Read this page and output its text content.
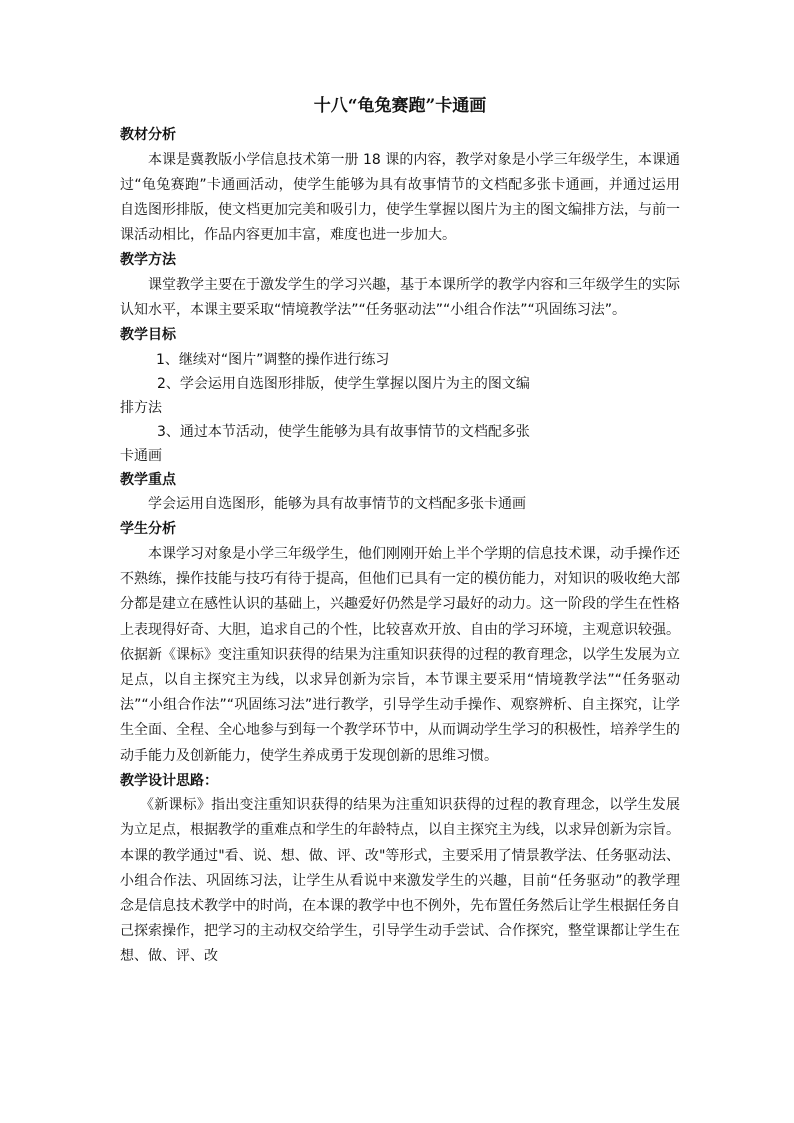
十八“龟兔赛跑”卡通画

教材分析

本课是冀教版小学信息技术第一册 18 课的内容，教学对象是小学三年级学生，本课通过“龟兔赛跑”卡通画活动，使学生能够为具有故事情节的文档配多张卡通画，并通过运用自选图形排版，使文档更加完美和吸引力，使学生掌握以图片为主的图文编排方法，与前一课活动相比，作品内容更加丰富，难度也进一步加大。

教学方法

课堂教学主要在于激发学生的学习兴趣，基于本课所学的教学内容和三年级学生的实际认知水平，本课主要采取“情境教学法”“任务驱动法”“小组合作法”“巩固练习法”。

教学目标

1、继续对“图片”调整的操作进行练习

2、学会运用自选图形排版，使学生掌握以图片为主的图文编

排方法

3、通过本节活动，使学生能够为具有故事情节的文档配多张

卡通画

教学重点

学会运用自选图形，能够为具有故事情节的文档配多张卡通画

学生分析

本课学习对象是小学三年级学生，他们刚刚开始上半个学期的信息技术课，动手操作还不熟练，操作技能与技巧有待于提高，但他们已具有一定的模仿能力，对知识的吸收绝大部分都是建立在感性认识的基础上，兴趣爱好仍然是学习最好的动力。这一阶段的学生在性格上表现得好奇、大胆，追求自己的个性，比较喜欢开放、自由的学习环境，主观意识较强。依据新《课标》变注重知识获得的结果为注重知识获得的过程的教育理念，以学生发展为立足点，以自主探究主为线，以求异创新为宗旨，本节课主要采用“情境教学法”“任务驱动法”“小组合作法”“巩固练习法”进行教学，引导学生动手操作、观察辨析、自主探究，让学生全面、全程、全心地参与到每一个教学环节中，从而调动学生学习的积极性，培养学生的动手能力及创新能力，使学生养成勇于发现创新的思维习惯。

教学设计思路：

《新课标》指出变注重知识获得的结果为注重知识获得的过程的教育理念，以学生发展为立足点，根据教学的重难点和学生的年龄特点，以自主探究主为线，以求异创新为宗旨。本课的教学通过"看、说、想、做、评、改"等形式，主要采用了情景教学法、任务驱动法、小组合作法、巩固练习法，让学生从看说中来激发学生的兴趣，目前“任务驱动”的教学理念是信息技术教学中的时尚，在本课的教学中也不例外，先布置任务然后让学生根据任务自己探索操作，把学习的主动权交给学生，引导学生动手尝试、合作探究，整堂课都让学生在想、做、评、改
